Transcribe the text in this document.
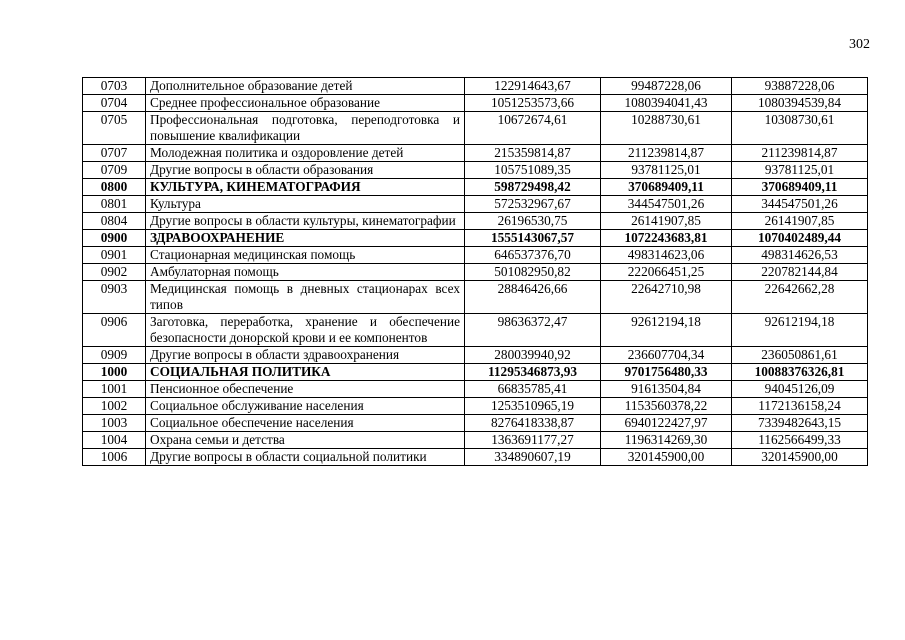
302
0703	Дополнительное образование детей	122914643,67	99487228,06	93887228,06
0704	Среднее профессиональное образование	1051253573,66	1080394041,43	1080394539,84
0705	Профессиональная подготовка, переподготовка и повышение квалификации	10672674,61	10288730,61	10308730,61
0707	Молодежная политика и оздоровление детей	215359814,87	211239814,87	211239814,87
0709	Другие вопросы в области образования	105751089,35	93781125,01	93781125,01
0800	КУЛЬТУРА, КИНЕМАТОГРАФИЯ	598729498,42	370689409,11	370689409,11
0801	Культура	572532967,67	344547501,26	344547501,26
0804	Другие вопросы в области культуры, кинематографии	26196530,75	26141907,85	26141907,85
0900	ЗДРАВООХРАНЕНИЕ	1555143067,57	1072243683,81	1070402489,44
0901	Стационарная медицинская помощь	646537376,70	498314623,06	498314626,53
0902	Амбулаторная помощь	501082950,82	222066451,25	220782144,84
0903	Медицинская помощь в дневных стационарах всех типов	28846426,66	22642710,98	22642662,28
0906	Заготовка, переработка, хранение и обеспечение безопасности донорской крови и ее компонентов	98636372,47	92612194,18	92612194,18
0909	Другие вопросы в области здравоохранения	280039940,92	236607704,34	236050861,61
1000	СОЦИАЛЬНАЯ ПОЛИТИКА	11295346873,93	9701756480,33	10088376326,81
1001	Пенсионное обеспечение	66835785,41	91613504,84	94045126,09
1002	Социальное обслуживание населения	1253510965,19	1153560378,22	1172136158,24
1003	Социальное обеспечение населения	8276418338,87	6940122427,97	7339482643,15
1004	Охрана семьи и детства	1363691177,27	1196314269,30	1162566499,33
1006	Другие вопросы в области социальной политики	334890607,19	320145900,00	320145900,00
